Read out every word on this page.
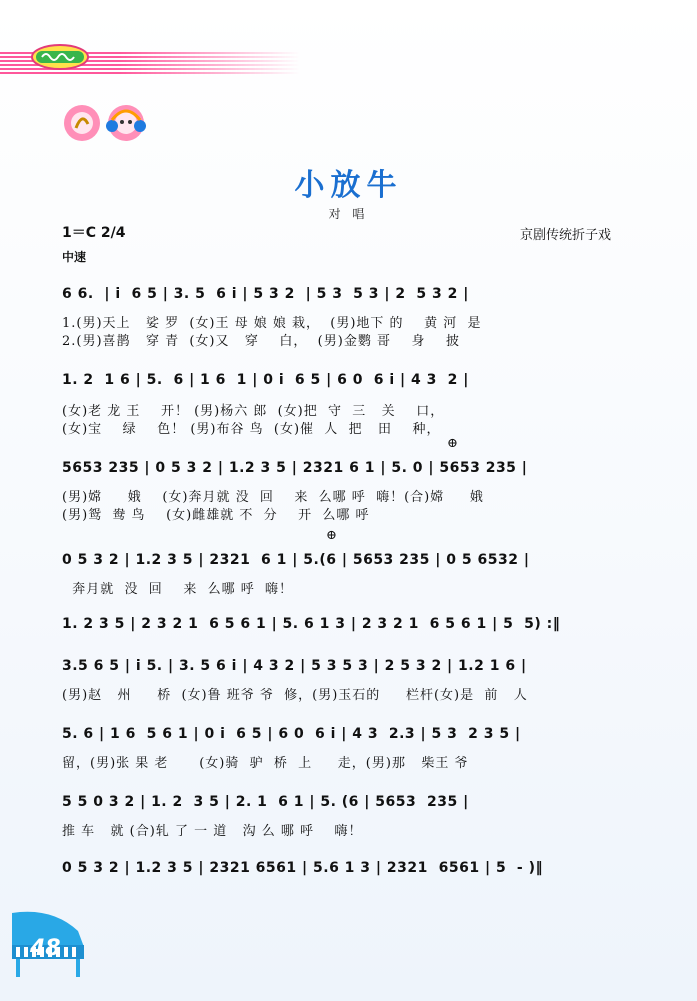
小放牛
对 唱
1＝C 2/4
中速
京剧传统折子戏
6 6.  | i  6 5 | 3. 5  6 i | 5 3 2  | 5 3  5 3 | 2  5 3 2 |
1.(男)天上   娑 罗  (女)王 母 娘 娘 栽，  (男)地下 的    黄 河  是
2.(男)喜鹊   穿 青  (女)又   穿    白，  (男)金鹦 哥    身    披
1. 2  1 6 | 5.  6 | 1 6  1 | 0 i  6 5 | 6 0  6 i | 4 3  2 |
(女)老 龙 王    开！ (男)杨六 郎  (女)把  守  三   关    口，
(女)宝    绿    色！ (男)布谷 鸟  (女)催  人  把   田    种，
⊕
5653 235 | 0 5 3 2 | 1.2 3 5 | 2321 6 1 | 5. 0 | 5653 235 |
(男)嫦     娥    (女)奔月就 没  回    来  么哪 呼  嗨！(合)嫦     娥
(男)鸳  鸯 鸟    (女)雌雄就 不  分    开  么哪 呼
⊕
0 5 3 2 | 1.2 3 5 | 2321  6 1 | 5.(6 | 5653 235 | 0 5 6532 |
奔月就  没  回    来  么哪 呼  嗨！
1. 2 3 5 | 2 3 2 1  6 5 6 1 | 5. 6 1 3 | 2 3 2 1  6 5 6 1 | 5  5) :‖
3.5 6 5 | i 5. | 3. 5 6 i | 4 3 2 | 5 3 5 3 | 2 5 3 2 | 1.2 1 6 |
(男)赵   州     桥  (女)鲁 班爷 爷  修，(男)玉石的     栏杆(女)是  前   人
5. 6 | 1 6  5 6 1 | 0 i  6 5 | 6 0  6 i | 4 3  2.3 | 5 3  2 3 5 |
留，(男)张 果 老      (女)骑  驴  桥  上     走，(男)那   柴王 爷
5 5 0 3 2 | 1. 2  3 5 | 2. 1  6 1 | 5. (6 | 5653  235 |
推 车   就 (合)轧 了 一 道   沟 么 哪 呼    嗨！
0 5 3 2 | 1.2 3 5 | 2321 6561 | 5.6 1 3 | 2321  6561 | 5  - )‖
48
